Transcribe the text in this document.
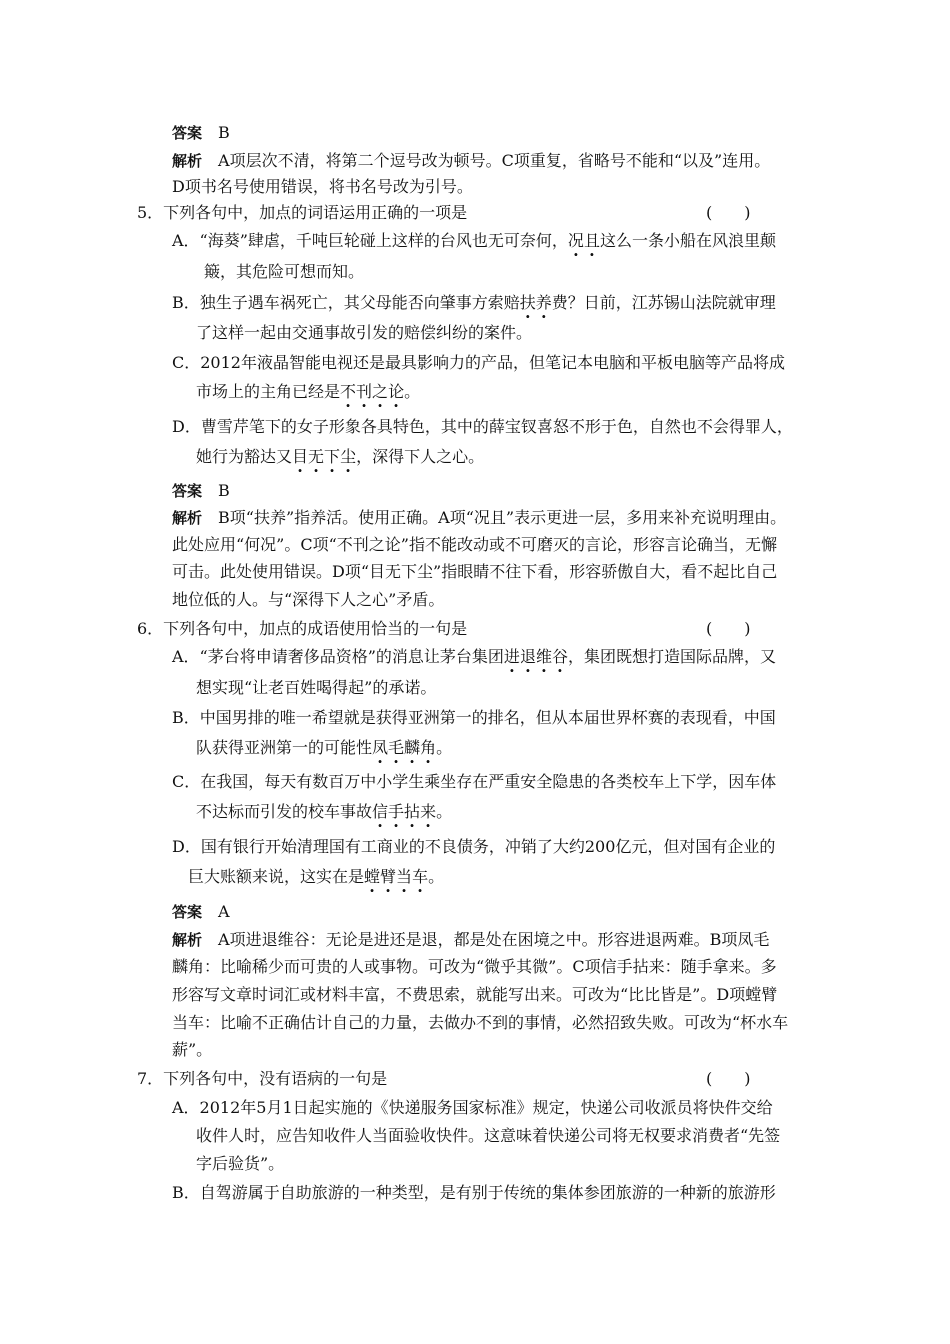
答案　 B
解析　 A项层次不清，将第二个逗号改为顿号。C项重复，省略号不能和“以及”连用。
D项书名号使用错误，将书名号改为引号。
5．下列各句中，加点的词语运用正确的一项是	(　　)
A．“海葵”肆虐，千吨巨轮碰上这样的台风也无可奈何，况且这么一条小船在风浪里颠
簸，其危险可想而知。
B．独生子遇车祸死亡，其父母能否向肇事方索赔扶养费？日前，江苏锡山法院就审理
了这样一起由交通事故引发的赔偿纠纷的案件。
C．2012年液晶智能电视还是最具影响力的产品，但笔记本电脑和平板电脑等产品将成
市场上的主角已经是不刊之论。
D．曹雪芹笔下的女子形象各具特色，其中的薛宝钗喜怒不形于色，自然也不会得罪人，
她行为豁达又目无下尘，深得下人之心。
答案　 B
解析　 B项“扶养”指养活。使用正确。A项“况且”表示更进一层，多用来补充说明理由。
此处应用“何况”。C项“不刊之论”指不能改动或不可磨灭的言论，形容言论确当，无懈
可击。此处使用错误。D项“目无下尘”指眼睛不往下看，形容骄傲自大，看不起比自己
地位低的人。与“深得下人之心”矛盾。
6．下列各句中，加点的成语使用恰当的一句是	(　　)
A．“茅台将申请奢侈品资格”的消息让茅台集团进退维谷，集团既想打造国际品牌，又
想实现“让老百姓喝得起”的承诺。
B．中国男排的唯一希望就是获得亚洲第一的排名，但从本届世界杯赛的表现看，中国
队获得亚洲第一的可能性凤毛麟角。
C．在我国，每天有数百万中小学生乘坐存在严重安全隐患的各类校车上下学，因车体
不达标而引发的校车事故信手拈来。
D．国有银行开始清理国有工商业的不良债务，冲销了大约200亿元，但对国有企业的
巨大账额来说，这实在是螳臂当车。
答案　 A
解析　 A项进退维谷：无论是进还是退，都是处在困境之中。形容进退两难。B项凤毛
麟角：比喻稀少而可贵的人或事物。可改为“微乎其微”。C项信手拈来：随手拿来。多
形容写文章时词汇或材料丰富，不费思索，就能写出来。可改为“比比皆是”。D项螳臂
当车：比喻不正确估计自己的力量，去做办不到的事情，必然招致失败。可改为“杯水车
薪”。
7．下列各句中，没有语病的一句是	(　　)
A．2012年5月1日起实施的《快递服务国家标准》规定，快递公司收派员将快件交给
收件人时，应告知收件人当面验收快件。这意味着快递公司将无权要求消费者“先签
字后验货”。
B．自驾游属于自助旅游的一种类型，是有别于传统的集体参团旅游的一种新的旅游形
